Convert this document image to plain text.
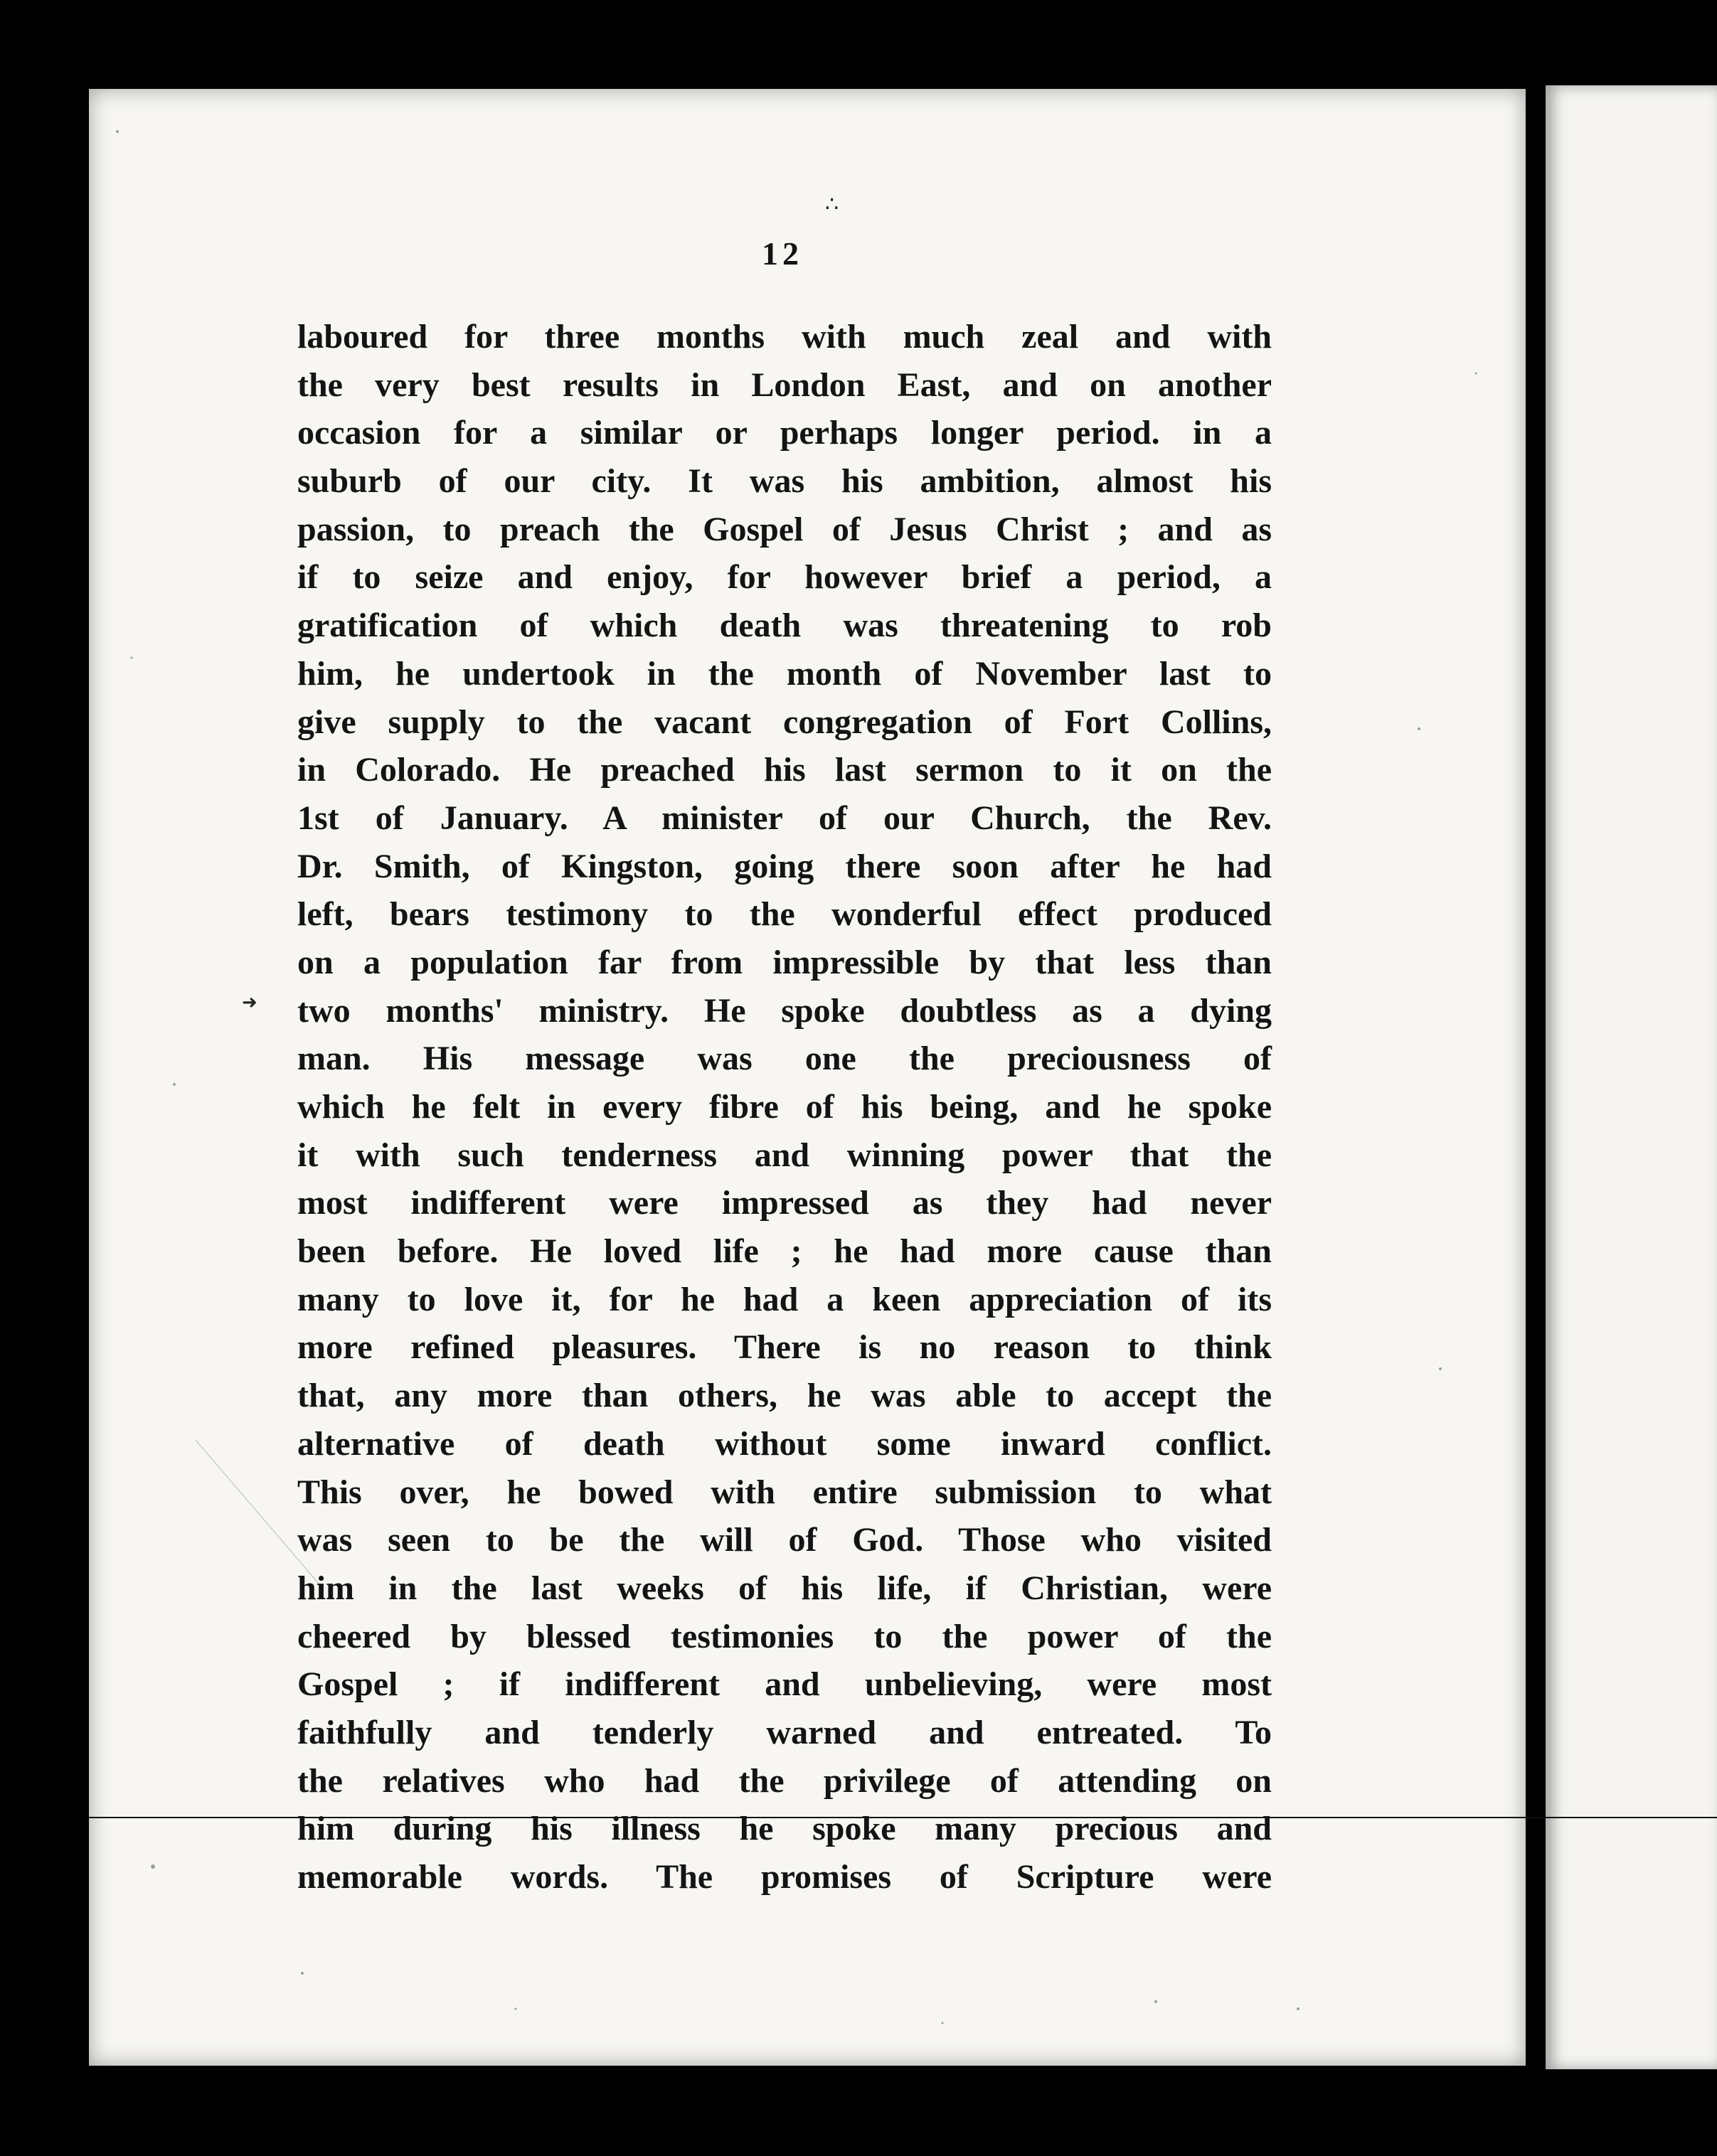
∴
➜
12
laboured for three months with much zeal and with
the very best results in London East, and on another
occasion for a similar or perhaps longer period. in a
suburb of our city. It was his ambition, almost his
passion, to preach the Gospel of Jesus Christ ; and as
if to seize and enjoy, for however brief a period, a
gratification of which death was threatening to rob
him, he undertook in the month of November last to
give supply to the vacant congregation of Fort Collins,
in Colorado. He preached his last sermon to it on the
1st of January. A minister of our Church, the Rev.
Dr. Smith, of Kingston, going there soon after he had
left, bears testimony to the wonderful effect produced
on a population far from impressible by that less than
two months' ministry. He spoke doubtless as a dying
man. His message was one the preciousness of
which he felt in every fibre of his being, and he spoke
it with such tenderness and winning power that the
most indifferent were impressed as they had never
been before. He loved life ; he had more cause than
many to love it, for he had a keen appreciation of its
more refined pleasures. There is no reason to think
that, any more than others, he was able to accept the
alternative of death without some inward conflict.
This over, he bowed with entire submission to what
was seen to be the will of God. Those who visited
him in the last weeks of his life, if Christian, were
cheered by blessed testimonies to the power of the
Gospel ; if indifferent and unbelieving, were most
faithfully and tenderly warned and entreated. To
the relatives who had the privilege of attending on
him during his illness he spoke many precious and
memorable words. The promises of Scripture were
